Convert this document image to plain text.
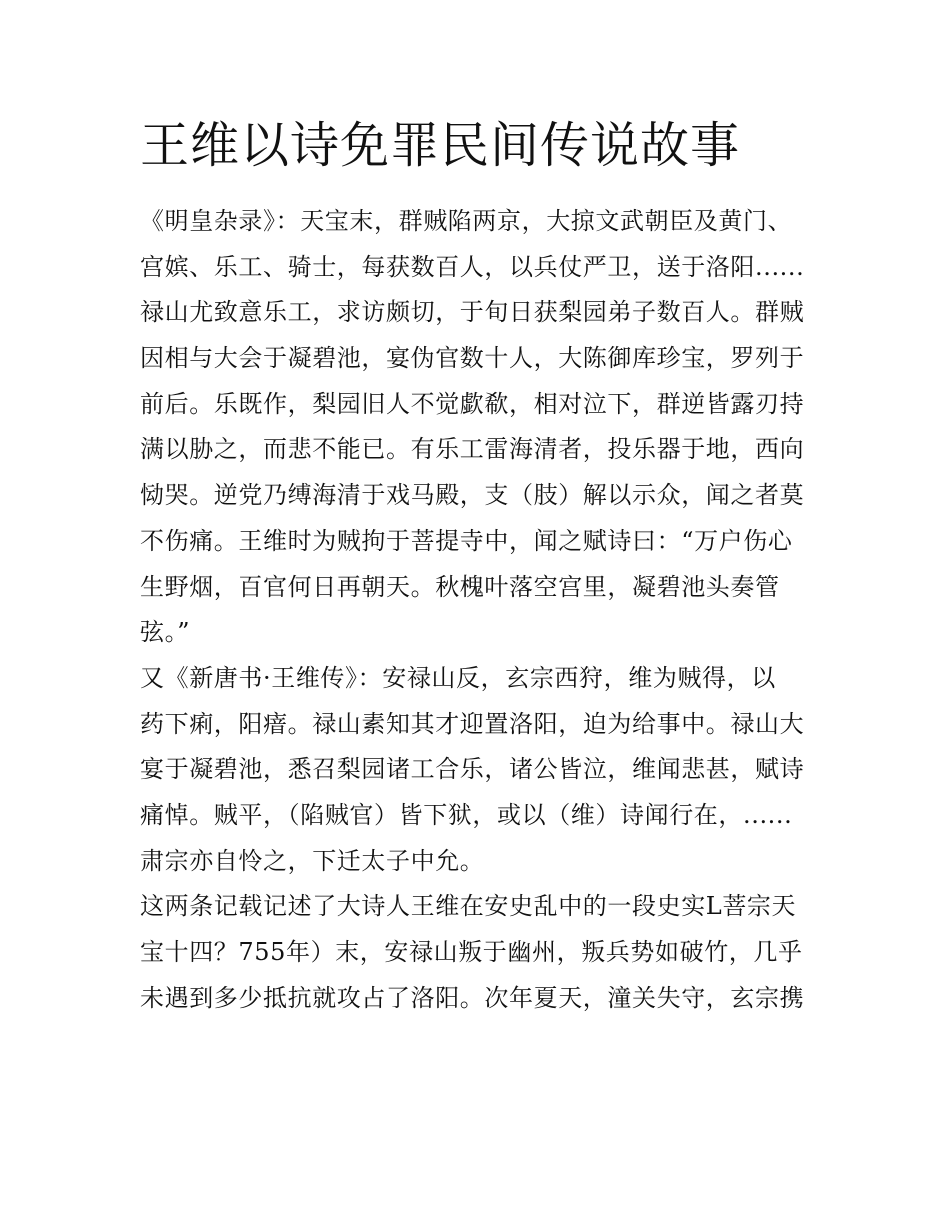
王维以诗免罪民间传说故事
《明皇杂录》：天宝末，群贼陷两京，大掠文武朝臣及黄门、
宫嫔、乐工、骑士，每获数百人，以兵仗严卫，送于洛阳......
禄山尤致意乐工，求访颇切，于旬日获梨园弟子数百人。群贼
因相与大会于凝碧池，宴伪官数十人，大陈御库珍宝，罗列于
前后。乐既作，梨园旧人不觉歔欷，相对泣下，群逆皆露刃持
满以胁之，而悲不能已。有乐工雷海清者，投乐器于地，西向
恸哭。逆党乃缚海清于戏马殿，支（肢）解以示众，闻之者莫
不伤痛。王维时为贼拘于菩提寺中，闻之赋诗曰：“万户伤心
生野烟，百官何日再朝天。秋槐叶落空宫里，凝碧池头奏管
弦。”
又《新唐书·王维传》：安禄山反，玄宗西狩，维为贼得，以
药下痢，阳瘖。禄山素知其才迎置洛阳，迫为给事中。禄山大
宴于凝碧池，悉召梨园诸工合乐，诸公皆泣，维闻悲甚，赋诗
痛悼。贼平，（陷贼官）皆下狱，或以（维）诗闻行在，......
肃宗亦自怜之，下迁太子中允。
这两条记载记述了大诗人王维在安史乱中的一段史实L菩宗天
宝十四？755年）末，安禄山叛于幽州，叛兵势如破竹，几乎
未遇到多少抵抗就攻占了洛阳。次年夏天，潼关失守，玄宗携
